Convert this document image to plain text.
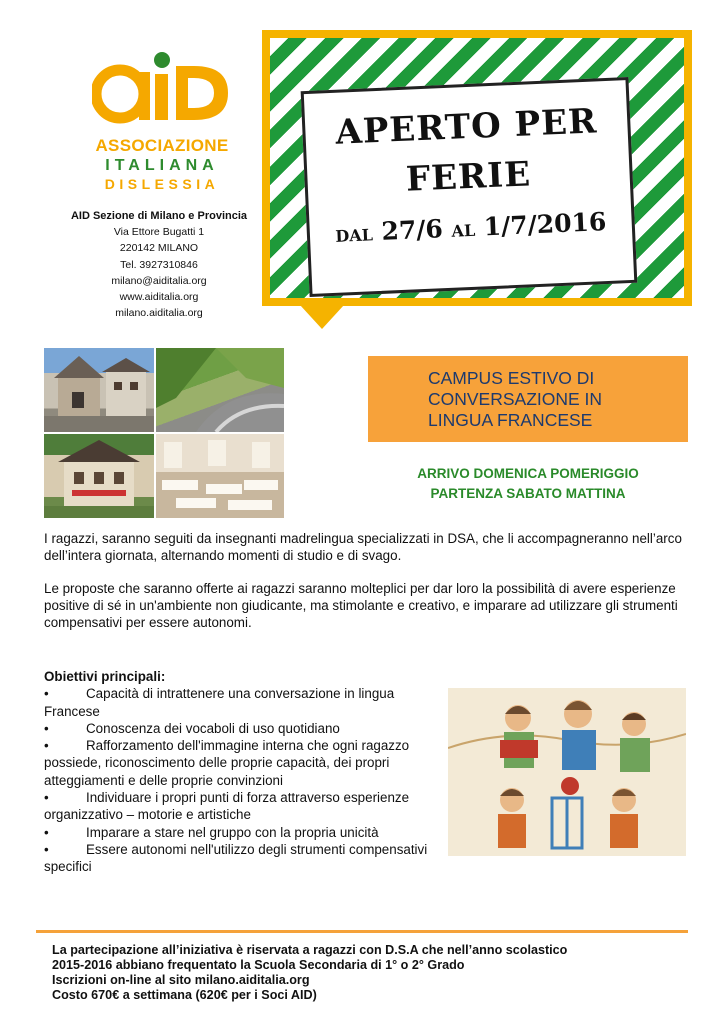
ASSOCIAZIONE
ITALIANA
DISLESSIA
AID Sezione di Milano e Provincia
Via Ettore Bugatti 1
220142 MILANO
Tel. 3927310846
milano@aiditalia.org
www.aiditalia.org
milano.aiditalia.org
APERTO PER
FERIE
DAL 27/6 AL 1/7/2016
CAMPUS ESTIVO DI
CONVERSAZIONE IN
LINGUA FRANCESE
ARRIVO DOMENICA POMERIGGIO
PARTENZA SABATO MATTINA
I ragazzi, saranno seguiti da insegnanti madrelingua specializzati in DSA, che li accompagneranno nell’arco dell’intera giornata, alternando momenti di studio e di svago.
Le proposte che saranno offerte ai ragazzi saranno molteplici per dar loro la possibilità di avere esperienze positive di sé in un'ambiente non giudicante, ma stimolante e creativo, e imparare ad utilizzare gli strumenti compensativi per essere autonomi.
Obiettivi principali:
•	Capacità di intrattenere una conversazione in lingua Francese
•	Conoscenza dei vocaboli di uso quotidiano
•	Rafforzamento dell'immagine interna che ogni ragazzo possiede, riconoscimento delle proprie capacità, dei propri atteggiamenti e delle proprie convinzioni
•	Individuare i propri punti di forza attraverso esperienze organizzativo – motorie e artistiche
•	Imparare a stare nel gruppo con la propria unicità
•	Essere autonomi nell'utilizzo degli strumenti compensativi specifici
La partecipazione all’iniziativa è riservata a ragazzi con D.S.A che nell’anno scolastico
2015-2016 abbiano frequentato la Scuola Secondaria di 1° o 2° Grado
Iscrizioni on-line al sito milano.aiditalia.org
Costo 670€ a settimana (620€ per i Soci AID)
